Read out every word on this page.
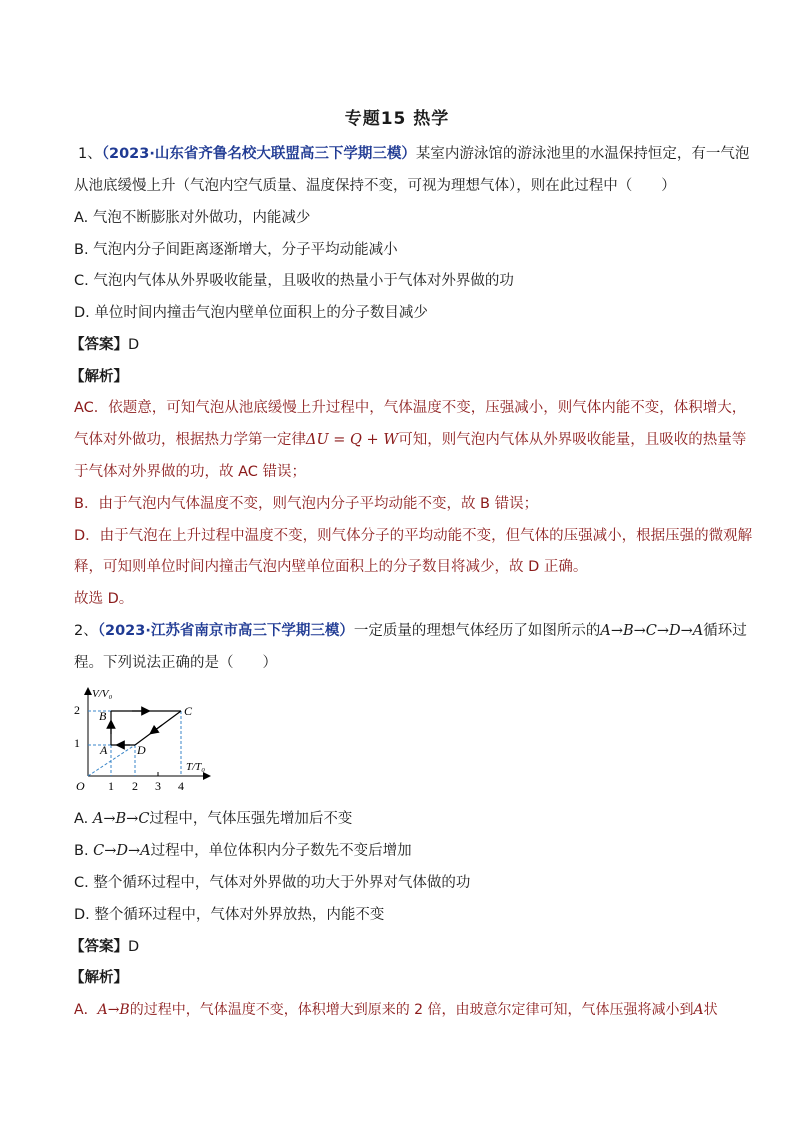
专题15 热学
1、（2023·山东省齐鲁名校大联盟高三下学期三模）某室内游泳馆的游泳池里的水温保持恒定，有一气泡
从池底缓慢上升（气泡内空气质量、温度保持不变，可视为理想气体），则在此过程中（　　）
A. 气泡不断膨胀对外做功，内能减少
B. 气泡内分子间距离逐渐增大，分子平均动能减小
C. 气泡内气体从外界吸收能量，且吸收的热量小于气体对外界做的功
D. 单位时间内撞击气泡内壁单位面积上的分子数目减少
【答案】D
【解析】
AC．依题意，可知气泡从池底缓慢上升过程中，气体温度不变，压强减小，则气体内能不变，体积增大，
气体对外做功，根据热力学第一定律ΔU = Q + W可知，则气泡内气体从外界吸收能量，且吸收的热量等
于气体对外界做的功，故 AC 错误；
B．由于气泡内气体温度不变，则气泡内分子平均动能不变，故 B 错误；
D．由于气泡在上升过程中温度不变，则气体分子的平均动能不变，但气体的压强减小，根据压强的微观解
释，可知则单位时间内撞击气泡内壁单位面积上的分子数目将减少，故 D 正确。
故选 D。
2、（2023·江苏省南京市高三下学期三模）一定质量的理想气体经历了如图所示的A→B→C→D→A循环过
程。下列说法正确的是（　　）
V/V₀
T/T₀
O
2
1
1 2 3 4
A
B	C
D
A. A→B→C过程中，气体压强先增加后不变
B. C→D→A过程中，单位体积内分子数先不变后增加
C. 整个循环过程中，气体对外界做的功大于外界对气体做的功
D. 整个循环过程中，气体对外界放热，内能不变
【答案】D
【解析】
A．A→B的过程中，气体温度不变，体积增大到原来的 2 倍，由玻意尔定律可知，气体压强将减小到A状
